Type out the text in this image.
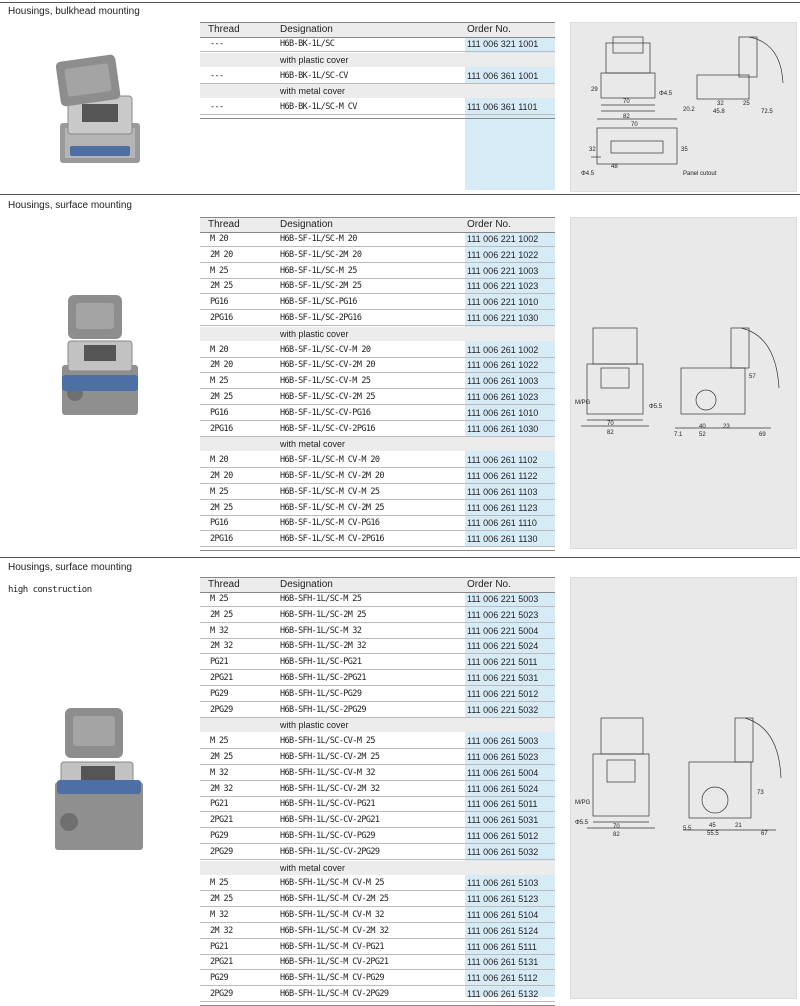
Housings, bulkhead mounting
Thread	Designation	Order No.
---	H6B-BK-1L/SC	111 006 321 1001
with plastic cover
---	H6B-BK-1L/SC-CV	111 006 361 1001
with metal cover
---	H6B-BK-1L/SC-M CV	111 006 361 1101
70
82
29
Φ4.5
20.2
32
45.8
25
72.5
70
32
48
35
Φ4.5	Panel cutout
Housings, surface mounting
Thread	Designation	Order No.
M 20	H6B-SF-1L/SC-M 20	111 006 221 1002
2M 20	H6B-SF-1L/SC-2M 20	111 006 221 1022
M 25	H6B-SF-1L/SC-M 25	111 006 221 1003
2M 25	H6B-SF-1L/SC-2M 25	111 006 221 1023
PG16	H6B-SF-1L/SC-PG16	111 006 221 1010
2PG16	H6B-SF-1L/SC-2PG16	111 006 221 1030
with plastic cover
M 20	H6B-SF-1L/SC-CV-M 20	111 006 261 1002
2M 20	H6B-SF-1L/SC-CV-2M 20	111 006 261 1022
M 25	H6B-SF-1L/SC-CV-M 25	111 006 261 1003
2M 25	H6B-SF-1L/SC-CV-2M 25	111 006 261 1023
PG16	H6B-SF-1L/SC-CV-PG16	111 006 261 1010
2PG16	H6B-SF-1L/SC-CV-2PG16	111 006 261 1030
with metal cover
M 20	H6B-SF-1L/SC-M CV-M 20	111 006 261 1102
2M 20	H6B-SF-1L/SC-M CV-2M 20	111 006 261 1122
M 25	H6B-SF-1L/SC-M CV-M 25	111 006 261 1103
2M 25	H6B-SF-1L/SC-M CV-2M 25	111 006 261 1123
PG16	H6B-SF-1L/SC-M CV-PG16	111 006 261 1110
2PG16	H6B-SF-1L/SC-M CV-2PG16	111 006 261 1130
70
82
Φ5.5
57
7.1
40
52
23
69
M/PG
Housings, surface mounting
high construction	Thread	Designation	Order No.
M 25	H6B-SFH-1L/SC-M 25	111 006 221 5003
2M 25	H6B-SFH-1L/SC-2M 25	111 006 221 5023
M 32	H6B-SFH-1L/SC-M 32	111 006 221 5004
2M 32	H6B-SFH-1L/SC-2M 32	111 006 221 5024
PG21	H6B-SFH-1L/SC-PG21	111 006 221 5011
2PG21	H6B-SFH-1L/SC-2PG21	111 006 221 5031
PG29	H6B-SFH-1L/SC-PG29	111 006 221 5012
2PG29	H6B-SFH-1L/SC-2PG29	111 006 221 5032
with plastic cover
M 25	H6B-SFH-1L/SC-CV-M 25	111 006 261 5003
2M 25	H6B-SFH-1L/SC-CV-2M 25	111 006 261 5023
M 32	H6B-SFH-1L/SC-CV-M 32	111 006 261 5004
2M 32	H6B-SFH-1L/SC-CV-2M 32	111 006 261 5024
PG21	H6B-SFH-1L/SC-CV-PG21	111 006 261 5011
2PG21	H6B-SFH-1L/SC-CV-2PG21	111 006 261 5031
PG29	H6B-SFH-1L/SC-CV-PG29	111 006 261 5012
2PG29	H6B-SFH-1L/SC-CV-2PG29	111 006 261 5032
with metal cover
M 25	H6B-SFH-1L/SC-M CV-M 25	111 006 261 5103
2M 25	H6B-SFH-1L/SC-M CV-2M 25	111 006 261 5123
M 32	H6B-SFH-1L/SC-M CV-M 32	111 006 261 5104
2M 32	H6B-SFH-1L/SC-M CV-2M 32	111 006 261 5124
PG21	H6B-SFH-1L/SC-M CV-PG21	111 006 261 5111
2PG21	H6B-SFH-1L/SC-M CV-2PG21	111 006 261 5131
PG29	H6B-SFH-1L/SC-M CV-PG29	111 006 261 5112
2PG29	H6B-SFH-1L/SC-M CV-2PG29	111 006 261 5132
70
82
Φ5.5
73
5.5	45
55.5
21
67
M/PG
